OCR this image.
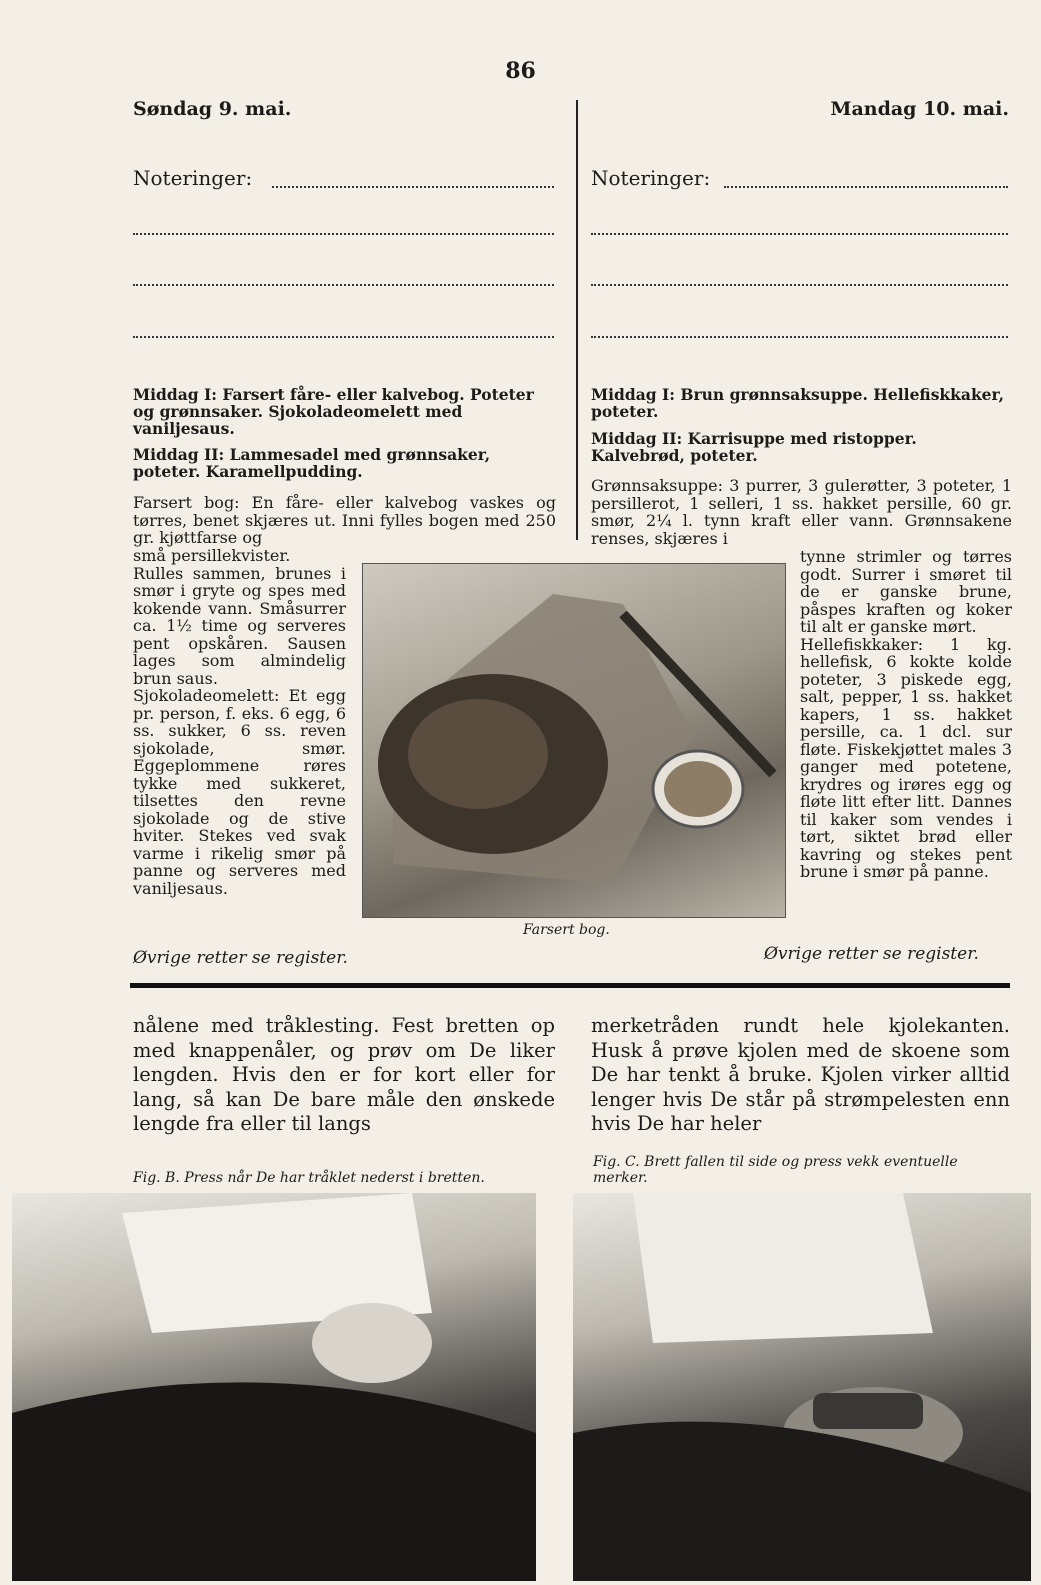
86
Søndag 9. mai.	Mandag 10. mai.
Noteringer:	Noteringer:
Middag I: Farsert fåre- eller kalvebog. Poteter og grønnsaker. Sjokoladeomelett med vaniljesaus.
Middag II: Lammesadel med grønnsaker, poteter. Karamellpudding.
Farsert bog: En fåre- eller kalvebog vaskes og tørres, benet skjæres ut. Inni fylles bogen med 250 gr. kjøttfarse og
små persillekvister.
Rulles sammen, brunes i smør i gryte og spes med kokende vann. Småsurrer ca. 1½ time og serveres pent opskåren. Sausen lages som almindelig brun saus.
Sjokoladeomelett: Et egg pr. person, f. eks. 6 egg, 6 ss. sukker, 6 ss. reven sjokolade, smør. Eggeplommene røres tykke med sukkeret, tilsettes den revne sjokolade og de stive hviter. Stekes ved svak varme i rikelig smør på panne og serveres med vaniljesaus.
Øvrige retter se register.
Middag I: Brun grønnsaksuppe. Hellefiskkaker, poteter.
Middag II: Karrisuppe med ristopper. Kalvebrød, poteter.
Grønnsaksuppe: 3 purrer, 3 gulerøtter, 3 poteter, 1 persillerot, 1 selleri, 1 ss. hakket persille, 60 gr. smør, 2¼ l. tynn kraft eller vann. Grønnsakene renses, skjæres i
tynne strimler og tørres godt. Surrer i smøret til de er ganske brune, påspes kraften og koker til alt er ganske mørt.
Hellefiskkaker: 1 kg. hellefisk, 6 kokte kolde poteter, 3 piskede egg, salt, pepper, 1 ss. hakket kapers, 1 ss. hakket persille, ca. 1 dcl. sur fløte. Fiskekjøttet males 3 ganger med potetene, krydres og irøres egg og fløte litt efter litt. Dannes til kaker som vendes i tørt, siktet brød eller kavring og stekes pent brune i smør på panne.
Øvrige retter se register.
Farsert bog.
nålene med tråklesting. Fest bretten op med knappenåler, og prøv om De liker lengden. Hvis den er for kort eller for lang, så kan De bare måle den ønskede lengde fra eller til langs
merketråden rundt hele kjolekanten. Husk å prøve kjolen med de skoene som De har tenkt å bruke. Kjolen virker alltid lenger hvis De står på strømpelesten enn hvis De har heler
Fig. B. Press når De har tråklet nederst i bretten.
Fig. C. Brett fallen til side og press vekk eventuelle merker.
